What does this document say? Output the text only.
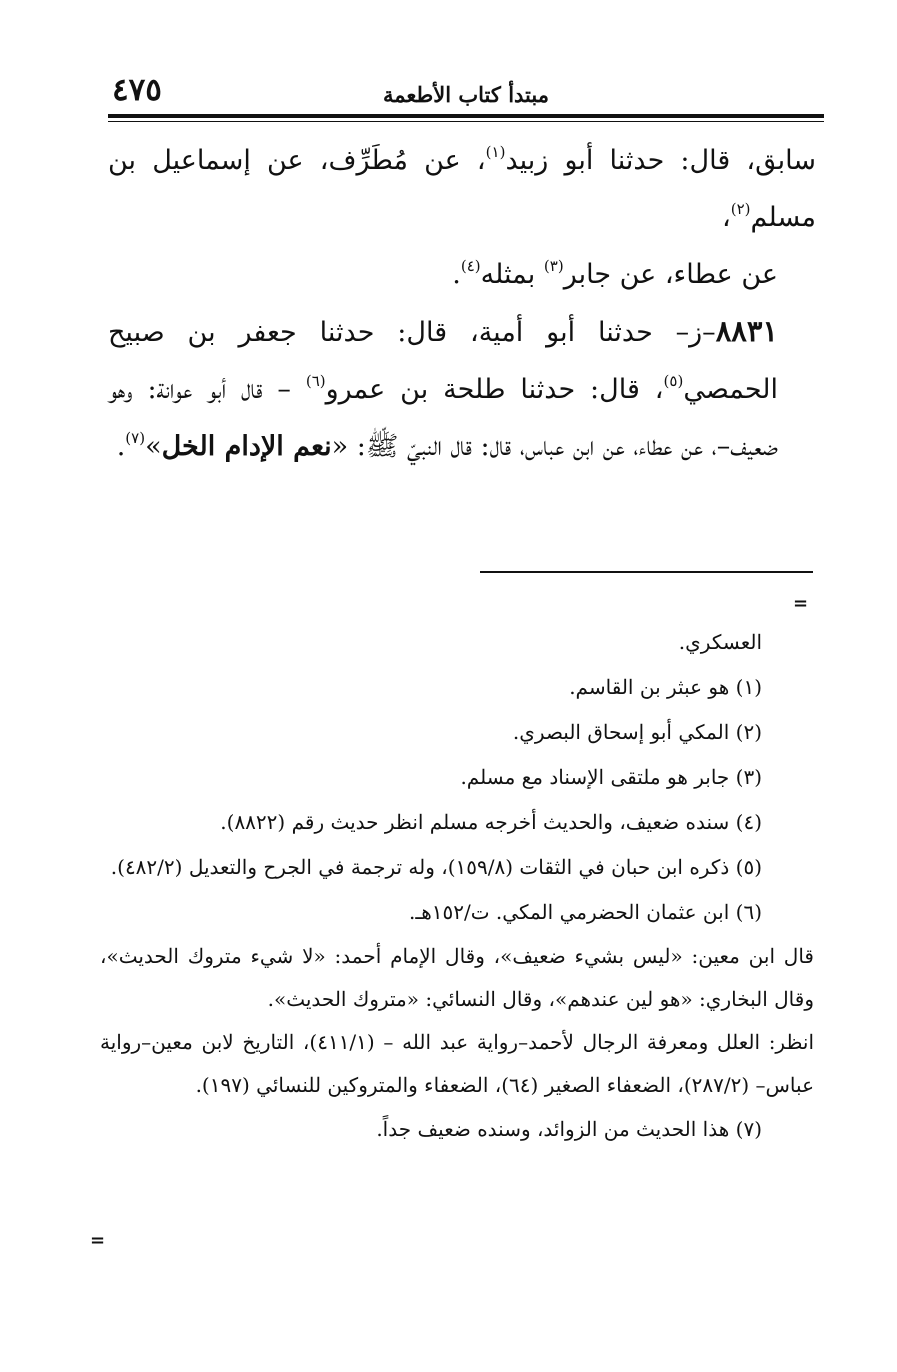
٤٧٥	مبتدأ كتاب الأطعمة

سابق، قال: حدثنا أبو زبيد$^{(١)}$، عن مُطَرِّف، عن إسماعيل بن مسلم$^{(٢)}$،

عن عطاء، عن جابر$^{(٣)}$ بمثله$^{(٤)}$.

٨٨٣١–ز– حدثنا أبو أمية، قال: حدثنا جعفر بن صبيح الحمصي$^{(٥)}$، قال: حدثنا طلحة بن عمرو$^{(٦)}$ – قال أبو عوانة: وهو ضعيف–، عن عطاء، عن ابن عباس، قال: قال النبيّ ﷺ: «نعم الإدام الخل»$^{(٧)}$.

=

العسكري.

(١) هو عبثر بن القاسم.

(٢) المكي أبو إسحاق البصري.

(٣) جابر هو ملتقى الإسناد مع مسلم.

(٤) سنده ضعيف، والحديث أخرجه مسلم انظر حديث رقم (٨٨٢٢).

(٥) ذكره ابن حبان في الثقات (١٥٩/٨)، وله ترجمة في الجرح والتعديل (٤٨٢/٢).

(٦) ابن عثمان الحضرمي المكي. ت/١٥٢هـ.

قال ابن معين: «ليس بشيء ضعيف»، وقال الإمام أحمد: «لا شيء متروك الحديث»، وقال البخاري: «هو لين عندهم»، وقال النسائي: «متروك الحديث».

انظر: العلل ومعرفة الرجال لأحمد–رواية عبد الله – (٤١١/١)، التاريخ لابن معين–رواية عباس– (٢٨٧/٢)، الضعفاء الصغير (٦٤)، الضعفاء والمتروكين للنسائي (١٩٧).

(٧) هذا الحديث من الزوائد، وسنده ضعيف جداً.

=
